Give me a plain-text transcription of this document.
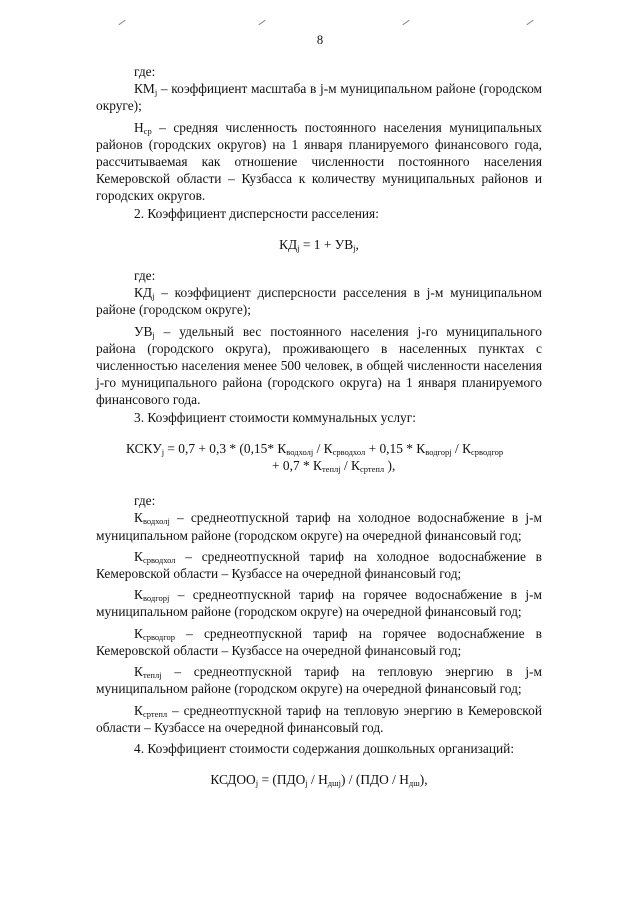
8

где:

$КМ_j$ – коэффициент масштаба в j-м муниципальном районе (городском округе);

$Н_{ср}$ – средняя численность постоянного населения муниципальных районов (городских округов) на 1 января планируемого финансового года, рассчитываемая как отношение численности постоянного населения Кемеровской области – Кузбасса к количеству муниципальных районов и городских округов.

2. Коэффициент дисперсности расселения:

$КД_j = 1 + УВ_j$,

где:

$КД_j$ – коэффициент дисперсности расселения в j-м муниципальном районе (городском округе);

$УВ_j$ – удельный вес постоянного населения j-го муниципального района (городского округа), проживающего в населенных пунктах с численностью населения менее 500 человек, в общей численности населения j-го муниципального района (городского округа) на 1 января планируемого финансового года.

3. Коэффициент стоимости коммунальных услуг:

$КСКУ_j = 0,7 + 0,3 * (0,15*$ $К_{водхолj} / К_{срводхол} + 0,15 * К_{водгорj} / К_{срводгор}$

+ $0,7 * К_{теплj} / К_{сртепл}$ ),

где:

$К_{водхолj}$ – среднеотпускной тариф на холодное водоснабжение в j-м муниципальном районе (городском округе) на очередной финансовый год;

$К_{срводхол}$ – среднеотпускной тариф на холодное водоснабжение в Кемеровской области – Кузбассе на очередной финансовый год;

$К_{водгорj}$ – среднеотпускной тариф на горячее водоснабжение в j-м муниципальном районе (городском округе) на очередной финансовый год;

$К_{срводгор}$ – среднеотпускной тариф на горячее водоснабжение в Кемеровской области – Кузбассе на очередной финансовый год;

$К_{теплj}$ – среднеотпускной тариф на тепловую энергию в j-м муниципальном районе (городском округе) на очередной финансовый год;

$К_{сртепл}$ – среднеотпускной тариф на тепловую энергию в Кемеровской области – Кузбассе на очередной финансовый год.

4. Коэффициент стоимости содержания дошкольных организаций:

$КСДОО_j = (ПДО_j / Н_{дшj}) / (ПДО / Н_{дш})$,
